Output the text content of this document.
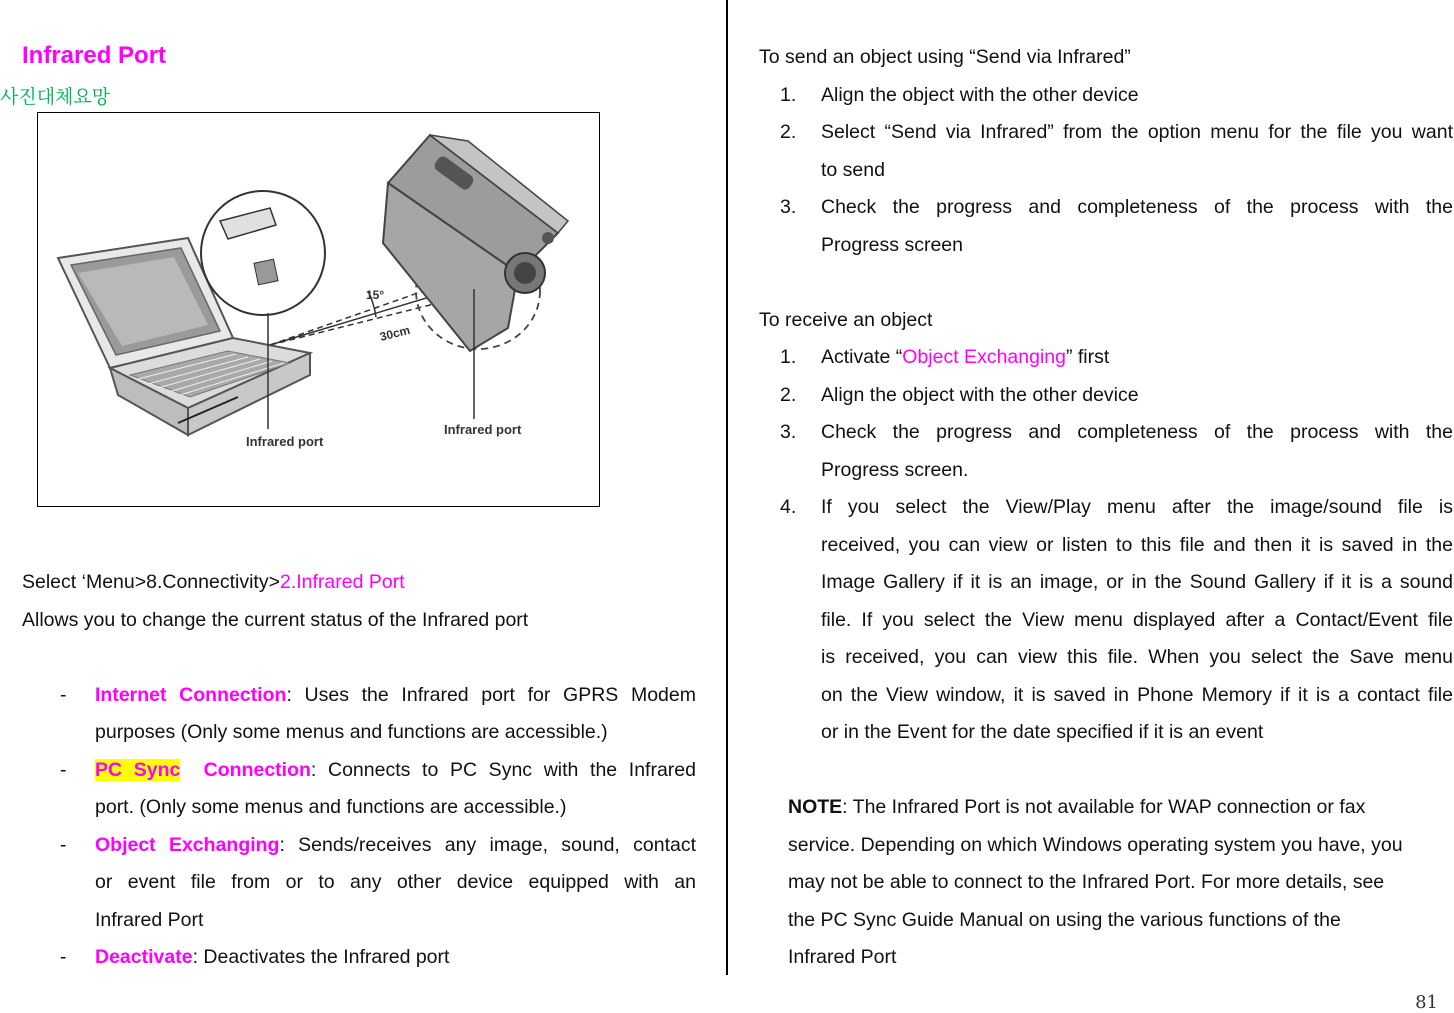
Infrared Port
사진대체요망
15°
30cm
Infrared port
Infrared port
Select ‘Menu>8.Connectivity>2.Infrared Port
Allows you to change the current status of the Infrared port
- Internet Connection: Uses the Infrared port for GPRS Modem
purposes (Only some menus and functions are accessible.)
- PC Sync Connection: Connects to PC Sync with the Infrared
port. (Only some menus and functions are accessible.)
- Object Exchanging: Sends/receives any image, sound, contact
or event file from or to any other device equipped with an
Infrared Port
- Deactivate: Deactivates the Infrared port
To send an object using “Send via Infrared”
1. Align the object with the other device
2. Select “Send via Infrared” from the option menu for the file you want
to send
3. Check the progress and completeness of the process with the
Progress screen
To receive an object
1. Activate “Object Exchanging” first
2. Align the object with the other device
3. Check the progress and completeness of the process with the
Progress screen.
4. If you select the View/Play menu after the image/sound file is
received, you can view or listen to this file and then it is saved in the
Image Gallery if it is an image, or in the Sound Gallery if it is a sound
file. If you select the View menu displayed after a Contact/Event file
is received, you can view this file. When you select the Save menu
on the View window, it is saved in Phone Memory if it is a contact file
or in the Event for the date specified if it is an event
NOTE: The Infrared Port is not available for WAP connection or fax
service. Depending on which Windows operating system you have, you
may not be able to connect to the Infrared Port. For more details, see
the PC Sync Guide Manual on using the various functions of the
Infrared Port
81
